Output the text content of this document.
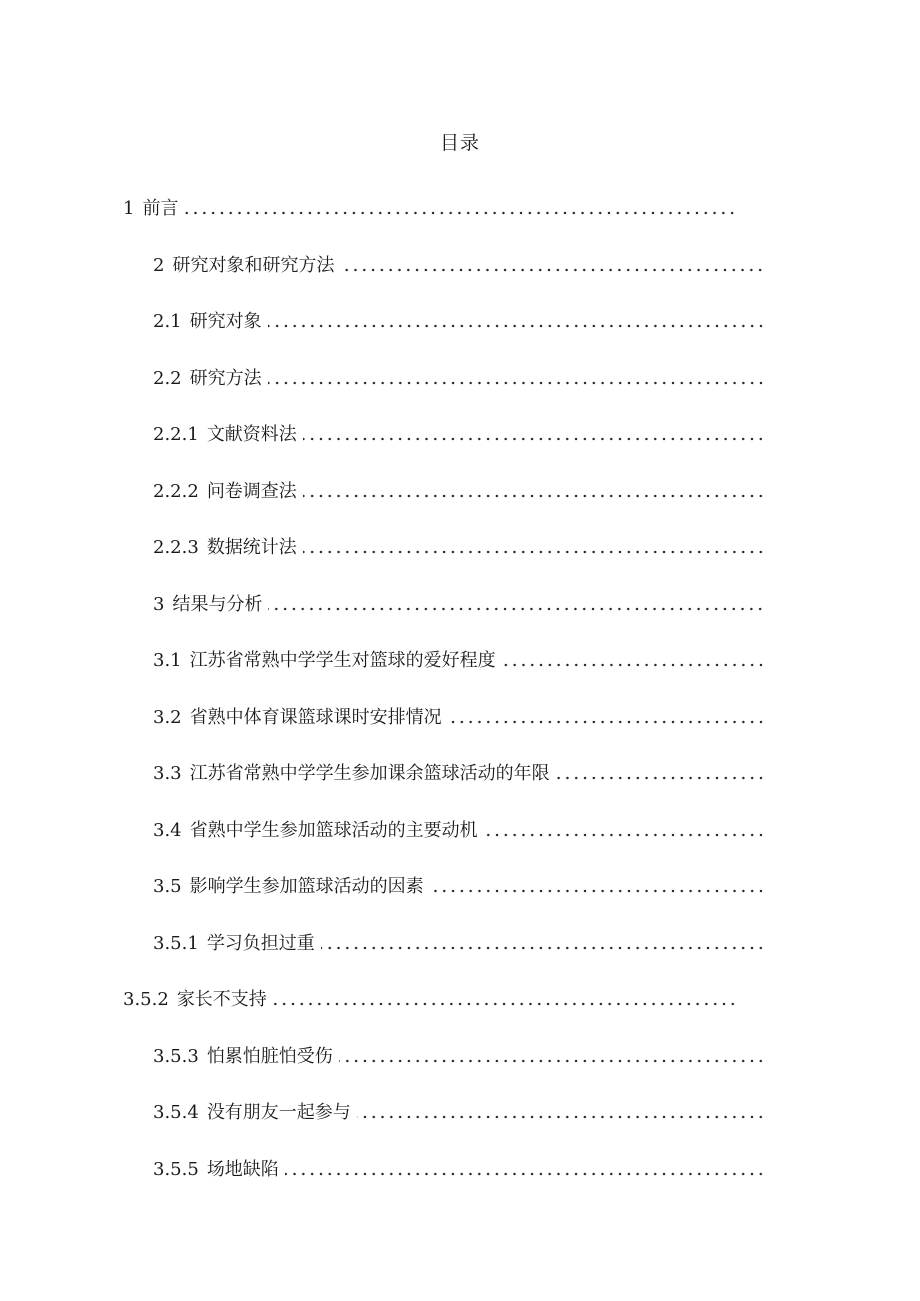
目录
1 前言
2 研究对象和研究方法
2.1 研究对象
2.2 研究方法
2.2.1 文献资料法
2.2.2 问卷调查法
2.2.3 数据统计法
3 结果与分析
3.1 江苏省常熟中学学生对篮球的爱好程度
3.2 省熟中体育课篮球课时安排情况
3.3 江苏省常熟中学学生参加课余篮球活动的年限
3.4 省熟中学生参加篮球活动的主要动机
3.5 影响学生参加篮球活动的因素
3.5.1 学习负担过重
3.5.2 家长不支持
3.5.3 怕累怕脏怕受伤
3.5.4 没有朋友一起参与
3.5.5 场地缺陷
